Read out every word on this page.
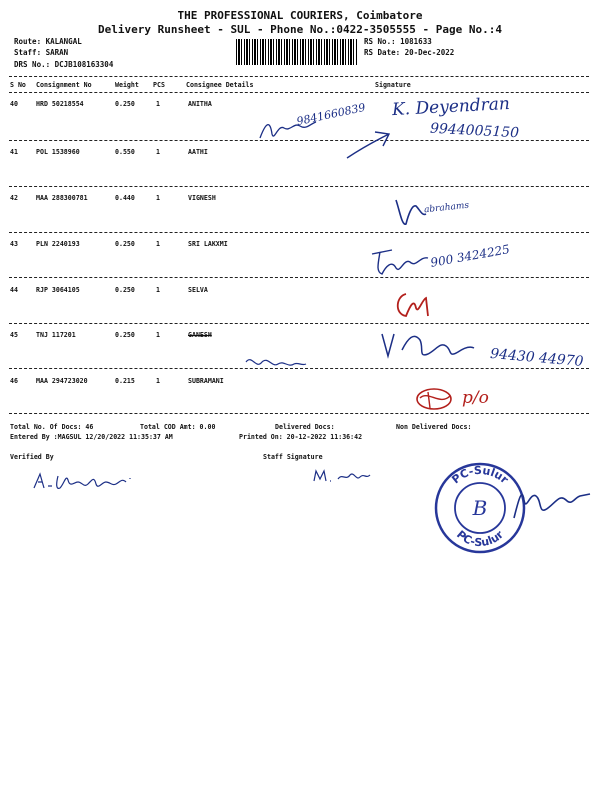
THE PROFESSIONAL COURIERS, Coimbatore
Delivery Runsheet - SUL - Phone No.:0422-3505555 - Page No.:4
Route: KALANGAL
Staff: SARAN
DRS No.: DCJB108163304
RS No.: 1081633
RS Date: 20-Dec-2022
S No Consignment No	Weight PCS	Consignee Details	Signature
40	HRD 50218554	0.250	1	ANITHA
41	POL 1538960	0.550	1	AATHI
42	MAA 288300781	0.440	1	VIGNESH
43	PLN 2240193	0.250	1	SRI LAKXMI
44	RJP 3064105	0.250	1	SELVA
45	TNJ 117201	0.250	1	GANESH
46	MAA 294723020	0.215	1	SUBRAMANI
K. Deyendran
9841660839
9944005150
abrahams
900 3424225
94430 44970
p/o
Total No. Of Docs: 46	Total COD Amt: 0.00	Delivered Docs:	Non Delivered Docs:
Entered By :MAGSUL 12/20/2022 11:35:37 AM	Printed On: 20-12-2022 11:36:42
Verified By	Staff Signature
PC-Sulur
PC-Sulur
B
